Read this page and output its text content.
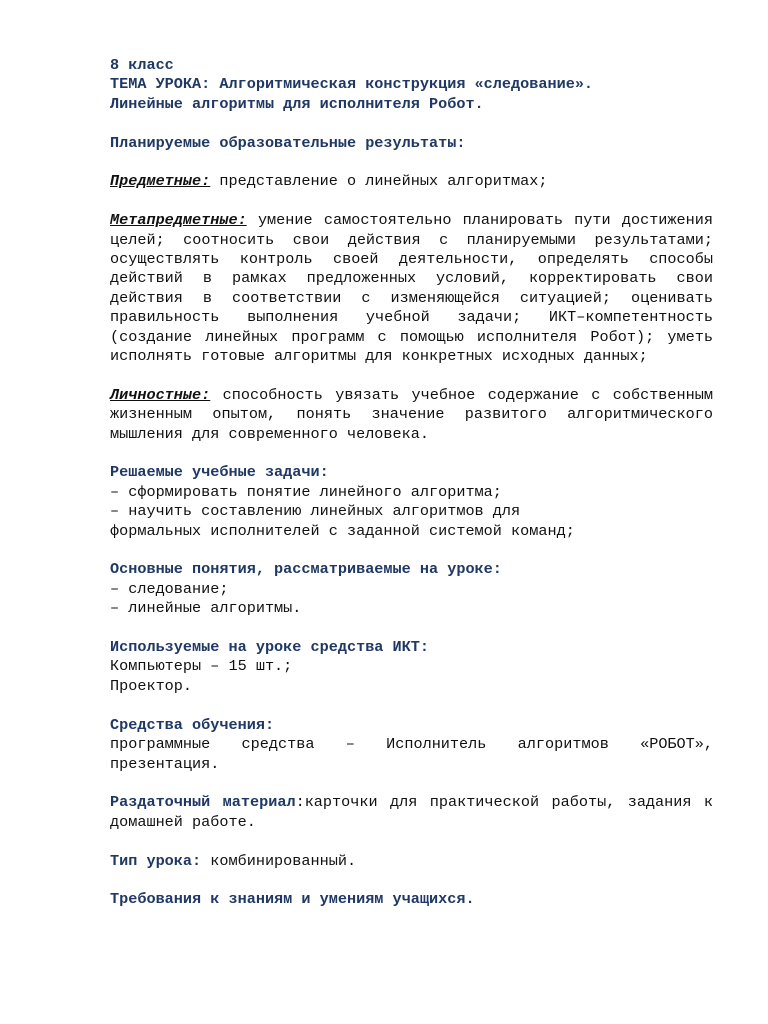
8 класс
ТЕМА УРОКА: Алгоритмическая конструкция «следование».
Линейные алгоритмы для исполнителя Робот.
Планируемые образовательные результаты:
Предметные: представление о линейных алгоритмах;
Метапредметные: умение самостоятельно планировать пути достижения целей; соотносить свои действия с планируемыми результатами; осуществлять контроль своей деятельности, определять способы действий в рамках предложенных условий, корректировать свои действия в соответствии с изменяющейся ситуацией; оценивать правильность выполнения учебной задачи; ИКТ–компетентность (создание линейных программ с помощью исполнителя Робот); уметь исполнять готовые алгоритмы для конкретных исходных данных;
Личностные: способность увязать учебное содержание с собственным жизненным опытом, понять значение развитого алгоритмического мышления для современного человека.
Решаемые учебные задачи:
– сформировать понятие линейного алгоритма;
– научить составлению линейных алгоритмов для
формальных исполнителей с заданной системой команд;
Основные понятия, рассматриваемые на уроке:
– следование;
– линейные алгоритмы.
Используемые на уроке средства ИКТ:
Компьютеры – 15 шт.;
Проектор.
Средства обучения:
программные средства – Исполнитель алгоритмов «РОБОТ», презентация.
Раздаточный материал:карточки для практической работы, задания к домашней работе.
Тип урока: комбинированный.
Требования к знаниям и умениям учащихся.
